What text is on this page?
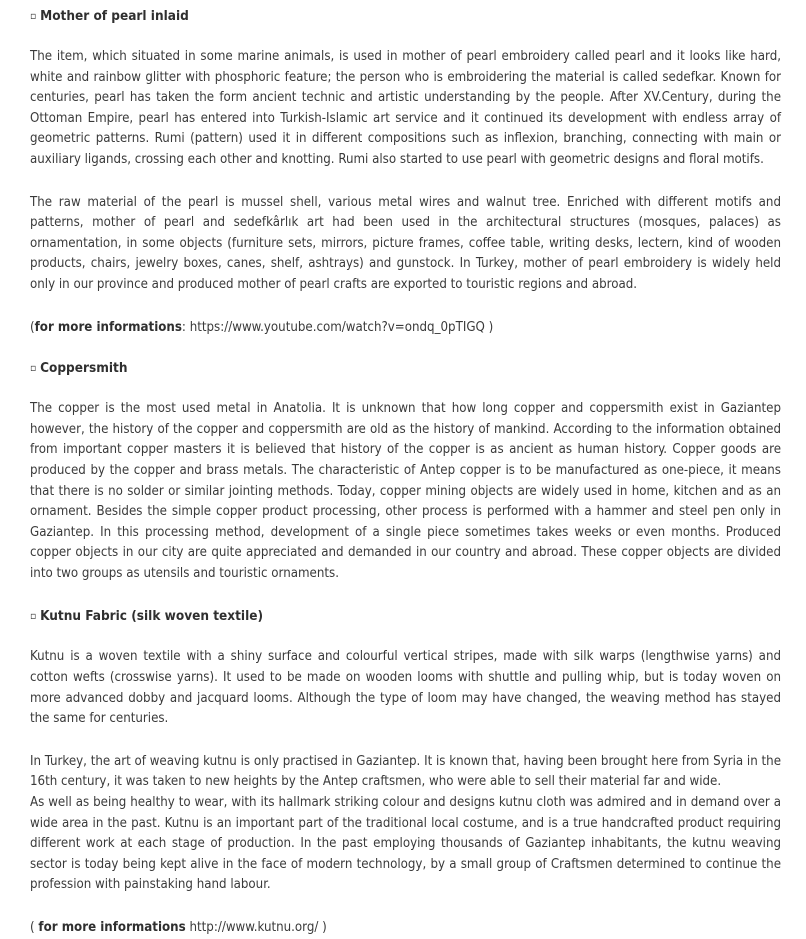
▫ Mother of pearl inlaid

The item, which situated in some marine animals, is used in mother of pearl embroidery called pearl and it looks like hard, white and rainbow glitter with phosphoric feature; the person who is embroidering the material is called sedefkar. Known for centuries, pearl has taken the form ancient technic and artistic understanding by the people. After XV.Century, during the Ottoman Empire, pearl has entered into Turkish-Islamic art service and it continued its development with endless array of geometric patterns. Rumi (pattern) used it in different compositions such as inflexion, branching, connecting with main or auxiliary ligands, crossing each other and knotting. Rumi also started to use pearl with geometric designs and floral motifs.

The raw material of the pearl is mussel shell, various metal wires and walnut tree. Enriched with different motifs and patterns, mother of pearl and sedefkârlık art had been used in the architectural structures (mosques, palaces) as ornamentation, in some objects (furniture sets, mirrors, picture frames, coffee table, writing desks, lectern, kind of wooden products, chairs, jewelry boxes, canes, shelf, ashtrays) and gunstock. In Turkey, mother of pearl embroidery is widely held only in our province and produced mother of pearl crafts are exported to touristic regions and abroad.

(for more informations: https://www.youtube.com/watch?v=ondq_0pTIGQ )

▫ Coppersmith

The copper is the most used metal in Anatolia. It is unknown that how long copper and coppersmith exist in Gaziantep however, the history of the copper and coppersmith are old as the history of mankind. According to the information obtained from important copper masters it is believed that history of the copper is as ancient as human history. Copper goods are produced by the copper and brass metals. The characteristic of Antep copper is to be manufactured as one-piece, it means that there is no solder or similar jointing methods. Today, copper mining objects are widely used in home, kitchen and as an ornament. Besides the simple copper product processing, other process is performed with a hammer and steel pen only in Gaziantep. In this processing method, development of a single piece sometimes takes weeks or even months. Produced copper objects in our city are quite appreciated and demanded in our country and abroad. These copper objects are divided into two groups as utensils and touristic ornaments.

▫ Kutnu Fabric (silk woven textile)

Kutnu is a woven textile with a shiny surface and colourful vertical stripes, made with silk warps (lengthwise yarns) and cotton wefts (crosswise yarns). It used to be made on wooden looms with shuttle and pulling whip, but is today woven on more advanced dobby and jacquard looms. Although the type of loom may have changed, the weaving method has stayed the same for centuries.

In Turkey, the art of weaving kutnu is only practised in Gaziantep. It is known that, having been brought here from Syria in the 16th century, it was taken to new heights by the Antep craftsmen, who were able to sell their material far and wide.

As well as being healthy to wear, with its hallmark striking colour and designs kutnu cloth was admired and in demand over a wide area in the past. Kutnu is an important part of the traditional local costume, and is a true handcrafted product requiring different work at each stage of production. In the past employing thousands of Gaziantep inhabitants, the kutnu weaving sector is today being kept alive in the face of modern technology, by a small group of Craftsmen determined to continue the profession with painstaking hand labour.

( for more informations http://www.kutnu.org/ )
